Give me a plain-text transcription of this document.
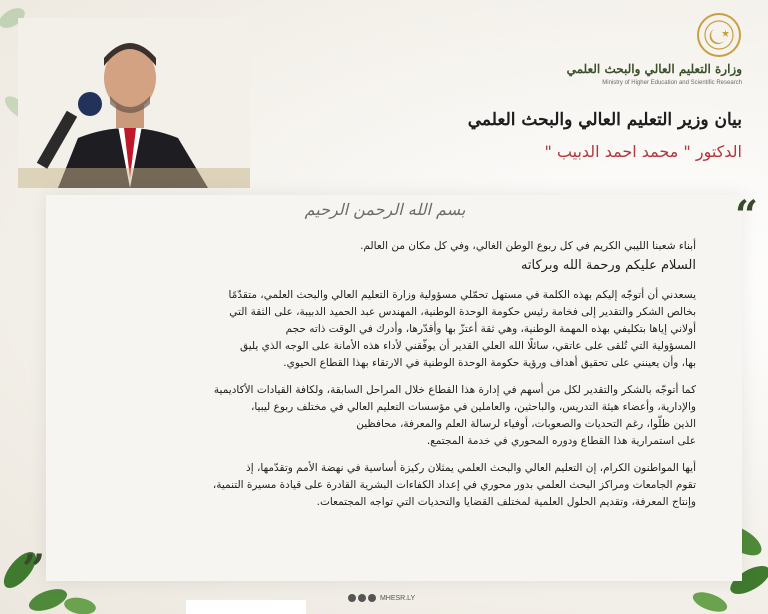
وزارة التعليم العالي والبحث العلمي
Ministry of Higher Education and Scientific Research
بيان وزير التعليم العالي والبحث العلمي
الدكتور " محمد احمد الدبيب "
“
”
بسم الله الرحمن الرحيم
أبناء شعبنا الليبي الكريم في كل ربوع الوطن الغالي، وفي كل مكان من العالم.
السلام عليكم ورحمة الله وبركاته

يسعدني أن أتوجّه إليكم بهذه الكلمة في مستهل تحمّلي مسؤولية وزارة التعليم العالي والبحث العلمي، متقدّمًا

بخالص الشكر والتقدير إلى فخامة رئيس حكومة الوحدة الوطنية، المهندس عبد الحميد الدبيبة، على الثقة التي

أولاني إياها بتكليفي بهذه المهمة الوطنية، وهي ثقة أعتزّ بها وأقدّرها، وأدرك في الوقت ذاته حجم

المسؤولية التي تُلقى على عاتقي، سائلًا الله العلي القدير أن يوفّقني لأداء هذه الأمانة على الوجه الذي يليق

بها، وأن يعينني على تحقيق أهداف ورؤية حكومة الوحدة الوطنية في الارتقاء بهذا القطاع الحيوي.

كما أتوجّه بالشكر والتقدير لكل من أسهم في إدارة هذا القطاع خلال المراحل السابقة، ولكافة القيادات الأكاديمية

والإدارية، وأعضاء هيئة التدريس، والباحثين، والعاملين في مؤسسات التعليم العالي في مختلف ربوع ليبيا،

الذين ظلّوا، رغم التحديات والصعوبات، أوفياء لرسالة العلم والمعرفة، محافظين

على استمرارية هذا القطاع ودوره المحوري في خدمة المجتمع.

أيها المواطنون الكرام، إن التعليم العالي والبحث العلمي يمثلان ركيزة أساسية في نهضة الأمم وتقدّمها، إذ

تقوم الجامعات ومراكز البحث العلمي بدور محوري في إعداد الكفاءات البشرية القادرة على قيادة مسيرة التنمية،

وإنتاج المعرفة، وتقديم الحلول العلمية لمختلف القضايا والتحديات التي تواجه المجتمعات.

MHESR.LY
